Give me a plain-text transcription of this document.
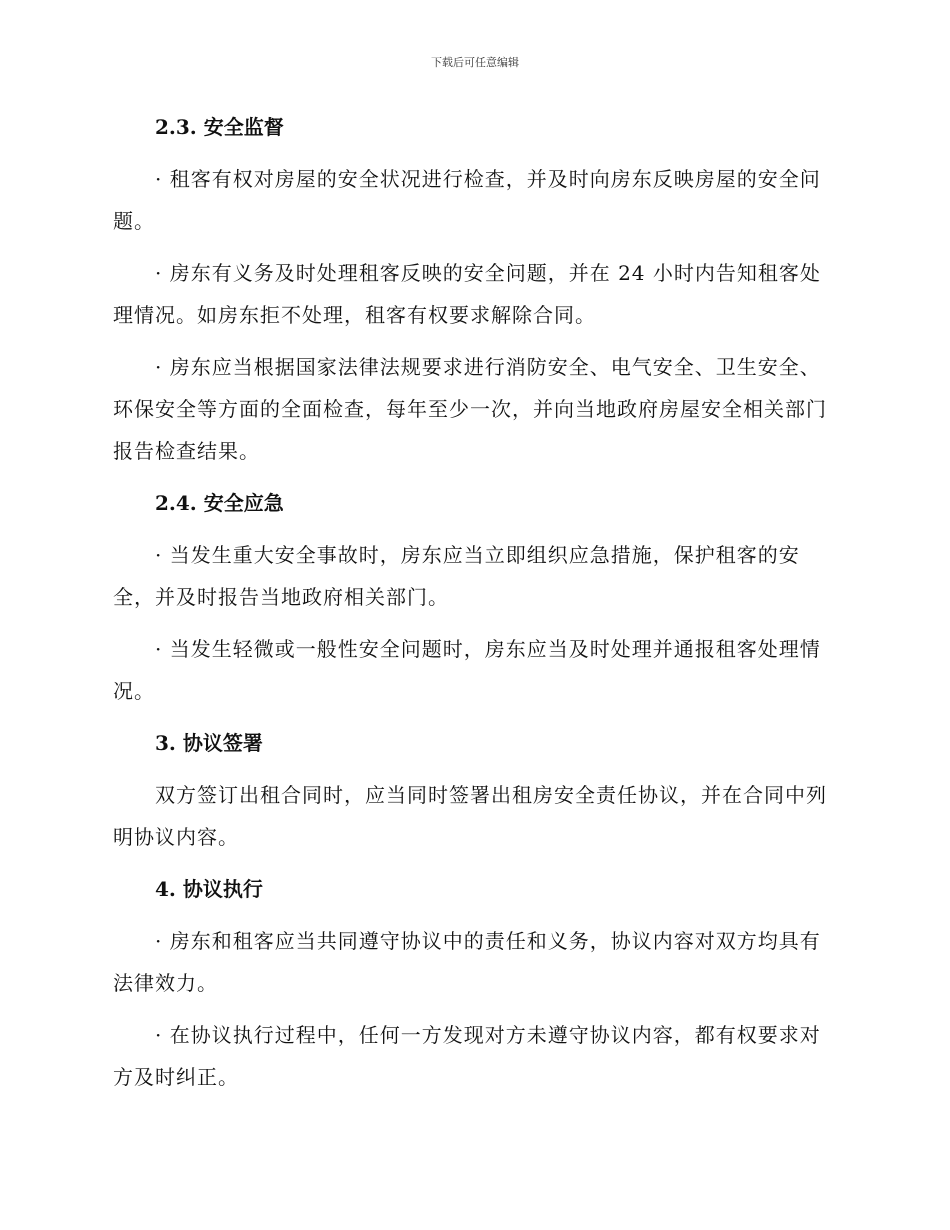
下载后可任意编辑
2.3. 安全监督

· 租客有权对房屋的安全状况进行检查，并及时向房东反映房屋的安全问题。

· 房东有义务及时处理租客反映的安全问题，并在 24 小时内告知租客处理情况。如房东拒不处理，租客有权要求解除合同。

· 房东应当根据国家法律法规要求进行消防安全、电气安全、卫生安全、环保安全等方面的全面检查，每年至少一次，并向当地政府房屋安全相关部门报告检查结果。

2.4. 安全应急

· 当发生重大安全事故时，房东应当立即组织应急措施，保护租客的安全，并及时报告当地政府相关部门。

· 当发生轻微或一般性安全问题时，房东应当及时处理并通报租客处理情况。

3. 协议签署

双方签订出租合同时，应当同时签署出租房安全责任协议，并在合同中列明协议内容。

4. 协议执行

· 房东和租客应当共同遵守协议中的责任和义务，协议内容对双方均具有法律效力。

· 在协议执行过程中，任何一方发现对方未遵守协议内容，都有权要求对方及时纠正。
